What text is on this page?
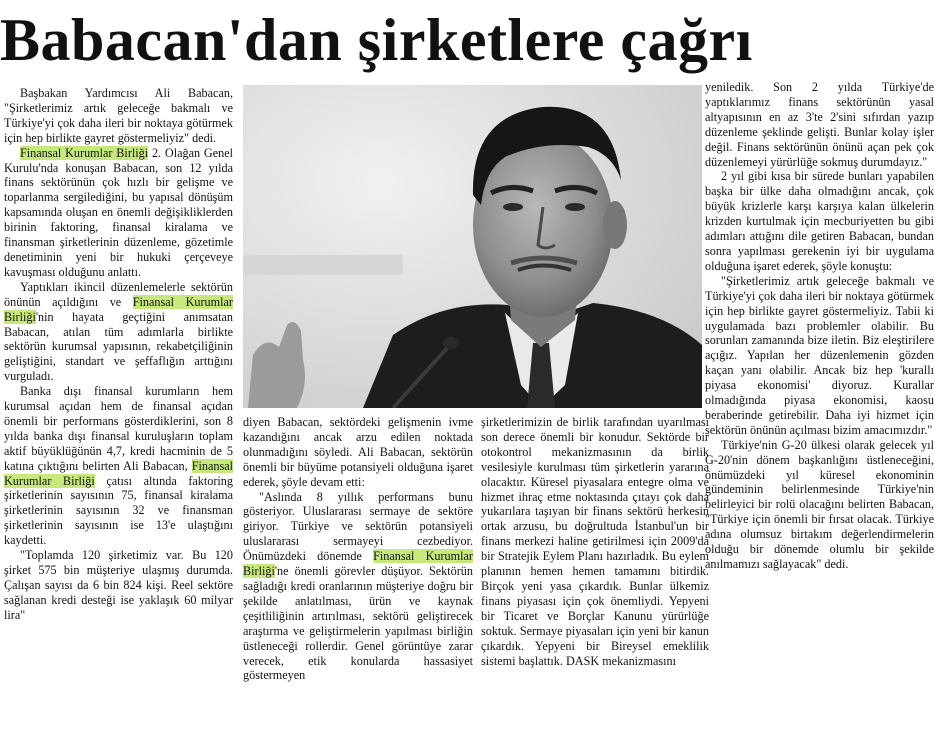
Babacan'dan şirketlere çağrı

Başbakan Yardımcısı Ali Babacan, "Şirketlerimiz artık geleceğe bakmalı ve Türkiye'yi çok daha ileri bir noktaya götürmek için hep birlikte gayret göstermeliyiz" dedi.

Finansal Kurumlar Birliği 2. Olağan Genel Kurulu'nda konuşan Babacan, son 12 yılda finans sektörünün çok hızlı bir gelişme ve toparlanma sergilediğini, bu yapısal dönüşüm kapsamında oluşan en önemli değişikliklerden birinin faktoring, finansal kiralama ve finansman şirketlerinin düzenleme, gözetimle denetiminin yeni bir hukuki çerçeveye kavuşması olduğunu anlattı.

Yaptıkları ikincil düzenlemelerle sektörün önünün açıldığını ve Finansal Kurumlar Birliği'nin hayata geçtiğini anımsatan Babacan, atılan tüm adımlarla birlikte sektörün kurumsal yapısının, rekabetçiliğinin geliştiğini, standart ve şeffaflığın arttığını vurguladı.

Banka dışı finansal kurumların hem kurumsal açıdan hem de finansal açıdan önemli bir performans gösterdiklerini, son 8 yılda banka dışı finansal kuruluşların toplam aktif büyüklüğünün 4,7, kredi hacminin de 5 katına çıktığını belirten Ali Babacan, Finansal Kurumlar Birliği çatısı altında faktoring şirketlerinin sayısının 75, finansal kiralama şirketlerinin sayısının 32 ve finansman şirketlerinin sayısının ise 13'e ulaştığını kaydetti.

"Toplamda 120 şirketimiz var. Bu 120 şirket 575 bin müşteriye ulaşmış durumda. Çalışan sayısı da 6 bin 824 kişi. Reel sektöre sağlanan kredi desteği ise yaklaşık 60 milyar lira"

diyen Babacan, sektördeki gelişmenin ivme kazandığını ancak arzu edilen noktada olunmadığını söyledi. Ali Babacan, sektörün önemli bir büyüme potansiyeli olduğuna işaret ederek, şöyle devam etti:

"Aslında 8 yıllık performans bunu gösteriyor. Uluslararası sermaye de sektöre giriyor. Türkiye ve sektörün potansiyeli uluslararası sermayeyi cezbediyor. Önümüzdeki dönemde Finansal Kurumlar Birliği'ne önemli görevler düşüyor. Sektörün sağladığı kredi oranlarının müşteriye doğru bir şekilde anlatılması, ürün ve kaynak çeşitliliğinin artırılması, sektörü geliştirecek araştırma ve geliştirmelerin yapılması birliğin üstleneceği rollerdir. Genel görüntüye zarar verecek, etik konularda hassasiyet göstermeyen

şirketlerimizin de birlik tarafından uyarılması son derece önemli bir konudur. Sektörde bir otokontrol mekanizmasının da birlik vesilesiyle kurulması tüm şirketlerin yararına olacaktır. Küresel piyasalara entegre olma ve hizmet ihraç etme noktasında çıtayı çok daha yukarılara taşıyan bir finans sektörü herkesin ortak arzusu, bu doğrultuda İstanbul'un bir finans merkezi haline getirilmesi için 2009'da bir Stratejik Eylem Planı hazırladık. Bu eylem planının hemen hemen tamamını bitirdik. Birçok yeni yasa çıkardık. Bunlar ülkemiz finans piyasası için çok önemliydi. Yepyeni bir Ticaret ve Borçlar Kanunu yürürlüğe soktuk. Sermaye piyasaları için yeni bir kanun çıkardık. Yepyeni bir Bireysel emeklilik sistemi başlattık. DASK mekanizmasını

yeniledik. Son 2 yılda Türkiye'de yaptıklarımız finans sektörünün yasal altyapısının en az 3'te 2'sini sıfırdan yazıp düzenleme şeklinde gelişti. Bunlar kolay işler değil. Finans sektörünün önünü açan pek çok düzenlemeyi yürürlüğe sokmuş durumdayız."

2 yıl gibi kısa bir sürede bunları yapabilen başka bir ülke daha olmadığını ancak, çok büyük krizlerle karşı karşıya kalan ülkelerin krizden kurtulmak için mecburiyetten bu gibi adımları attığını dile getiren Babacan, bundan sonra yapılması gerekenin iyi bir uygulama olduğuna işaret ederek, şöyle konuştu:

"Şirketlerimiz artık geleceğe bakmalı ve Türkiye'yi çok daha ileri bir noktaya götürmek için hep birlikte gayret göstermeliyiz. Tabii ki uygulamada bazı problemler olabilir. Bu sorunları zamanında bize iletin. Biz eleştirilere açığız. Yapılan her düzenlemenin gözden kaçan yanı olabilir. Ancak biz hep 'kurallı piyasa ekonomisi' diyoruz. Kurallar olmadığında piyasa ekonomisi, kaosu beraberinde getirebilir. Daha iyi hizmet için sektörün önünün açılması bizim amacımızdır."

Türkiye'nin G-20 ülkesi olarak gelecek yıl G-20'nin dönem başkanlığını üstleneceğini, önümüzdeki yıl küresel ekonominin gündeminin belirlenmesinde Türkiye'nin belirleyici bir rolü olacağını belirten Babacan, "Türkiye için önemli bir fırsat olacak. Türkiye adına olumsuz birtakım değerlendirmelerin olduğu bir dönemde olumlu bir şekilde anılmamızı sağlayacak" dedi.
